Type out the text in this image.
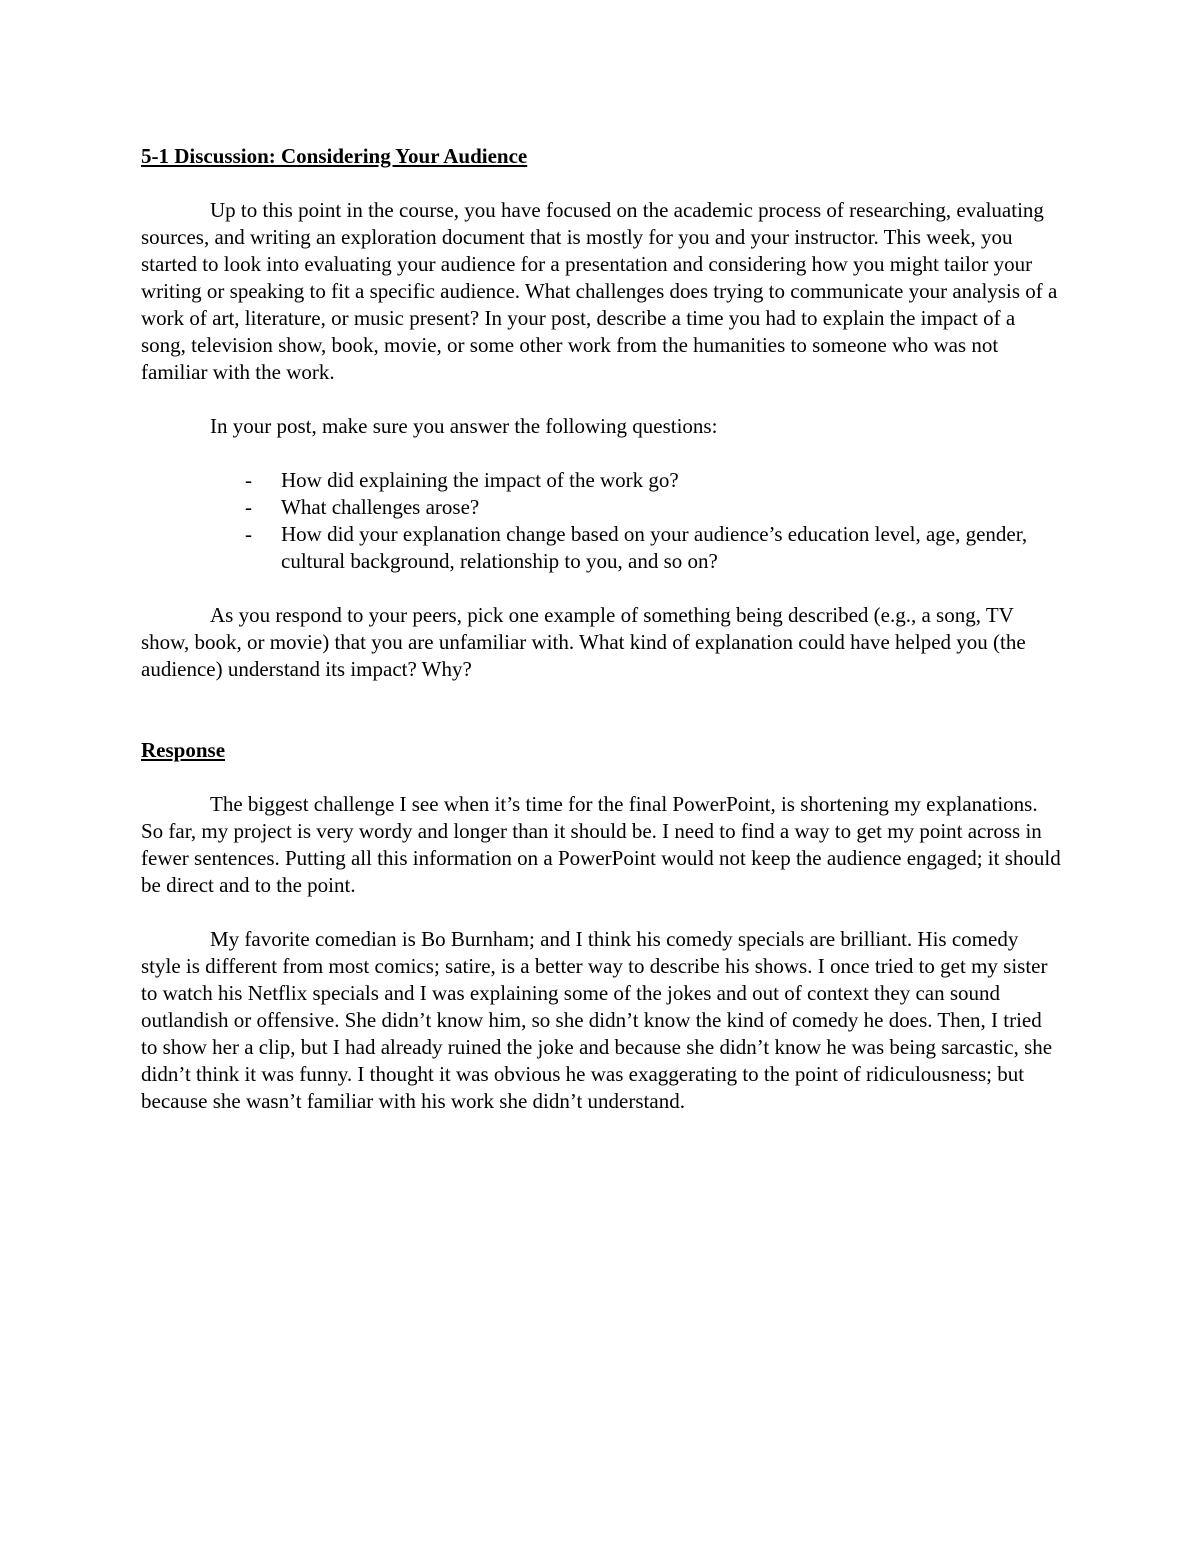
5-1 Discussion: Considering Your Audience

Up to this point in the course, you have focused on the academic process of researching, evaluating sources, and writing an exploration document that is mostly for you and your instructor. This week, you started to look into evaluating your audience for a presentation and considering how you might tailor your writing or speaking to fit a specific audience. What challenges does trying to communicate your analysis of a work of art, literature, or music present? In your post, describe a time you had to explain the impact of a song, television show, book, movie, or some other work from the humanities to someone who was not familiar with the work.

In your post, make sure you answer the following questions:

- How did explaining the impact of the work go?
- What challenges arose?
- How did your explanation change based on your audience’s education level, age, gender, cultural background, relationship to you, and so on?

As you respond to your peers, pick one example of something being described (e.g., a song, TV show, book, or movie) that you are unfamiliar with. What kind of explanation could have helped you (the audience) understand its impact? Why?

Response

The biggest challenge I see when it’s time for the final PowerPoint, is shortening my explanations. So far, my project is very wordy and longer than it should be. I need to find a way to get my point across in fewer sentences. Putting all this information on a PowerPoint would not keep the audience engaged; it should be direct and to the point.

My favorite comedian is Bo Burnham; and I think his comedy specials are brilliant. His comedy style is different from most comics; satire, is a better way to describe his shows. I once tried to get my sister to watch his Netflix specials and I was explaining some of the jokes and out of context they can sound outlandish or offensive. She didn’t know him, so she didn’t know the kind of comedy he does. Then, I tried to show her a clip, but I had already ruined the joke and because she didn’t know he was being sarcastic, she didn’t think it was funny. I thought it was obvious he was exaggerating to the point of ridiculousness; but because she wasn’t familiar with his work she didn’t understand.
